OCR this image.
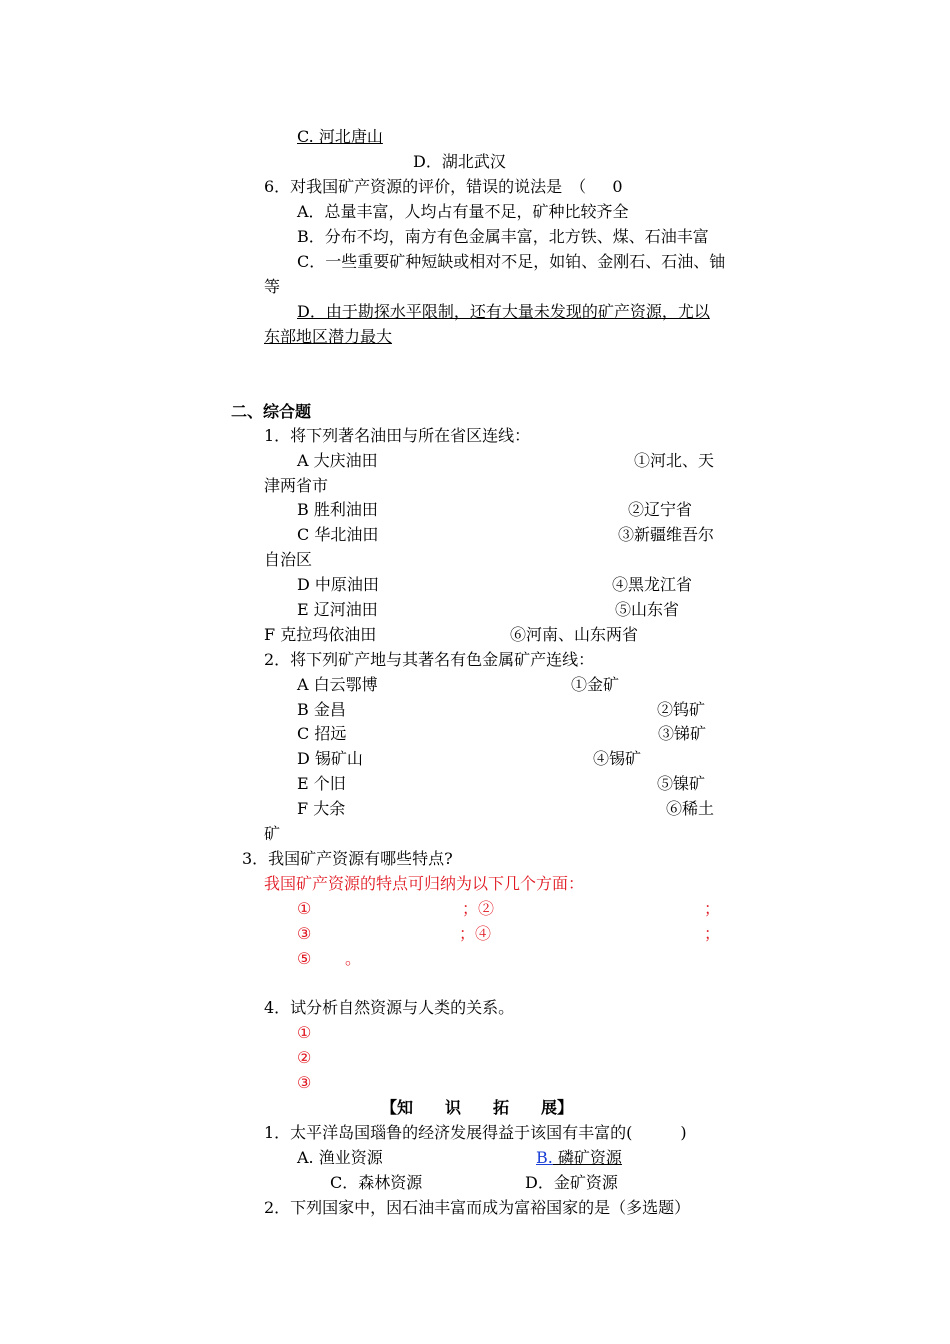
C. 河北唐山
D．湖北武汉
6．对我国矿产资源的评价，错误的说法是　（　  0
A．总量丰富，人均占有量不足，矿种比较齐全
B．分布不均，南方有色金属丰富，北方铁、煤、石油丰富
C．一些重要矿种短缺或相对不足，如铂、金刚石、石油、铀
等
D．由于勘探水平限制，还有大量未发现的矿产资源，尤以
东部地区潜力最大
二、综合题
1．将下列著名油田与所在省区连线：
A 大庆油田	①河北、天
津两省市
B 胜利油田	②辽宁省
C 华北油田	③新疆维吾尔
自治区
D 中原油田	④黑龙江省
E 辽河油田	⑤山东省
F 克拉玛依油田	⑥河南、山东两省
2．将下列矿产地与其著名有色金属矿产连线：
A 白云鄂博	①金矿
B 金昌	②钨矿
C 招远	③锑矿
D 锡矿山	④锡矿
E 个旧	⑤镍矿
F 大余	⑥稀土
矿
3．我国矿产资源有哪些特点?
我国矿产资源的特点可归纳为以下几个方面：
①	；②	；
③	；④	；
⑤ 。
4．试分析自然资源与人类的关系。
①
②
③
【知　　识　　拓　　展】
1．太平洋岛国瑙鲁的经济发展得益于该国有丰富的(　　　)
A. 渔业资源	B. 磷矿资源
C．森林资源	D．金矿资源
2．下列国家中，因石油丰富而成为富裕国家的是（多选题）
